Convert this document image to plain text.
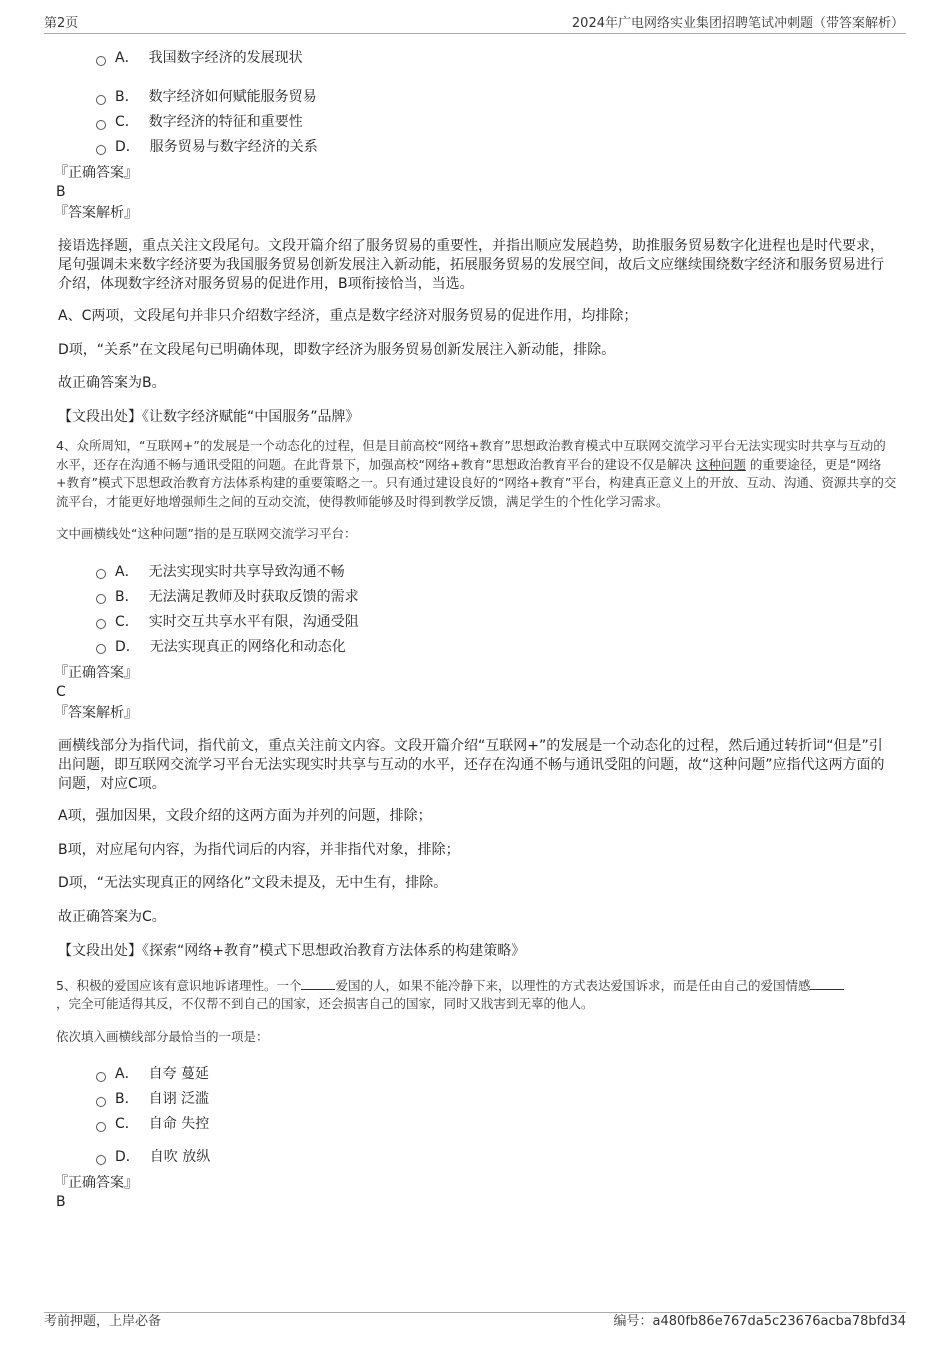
第2页	2024年广电网络实业集团招聘笔试冲刺题（带答案解析）
A． 我国数字经济的发展现状
B． 数字经济如何赋能服务贸易
C． 数字经济的特征和重要性
D． 服务贸易与数字经济的关系
『正确答案』
B
『答案解析』
接语选择题，重点关注文段尾句。文段开篇介绍了服务贸易的重要性，并指出顺应发展趋势，助推服务贸易数字化进程也是时代要求，尾句强调未来数字经济要为我国服务贸易创新发展注入新动能，拓展服务贸易的发展空间，故后文应继续围绕数字经济和服务贸易进行介绍，体现数字经济对服务贸易的促进作用，B项衔接恰当，当选。
A、C两项，文段尾句并非只介绍数字经济，重点是数字经济对服务贸易的促进作用，均排除；
D项，“关系”在文段尾句已明确体现，即数字经济为服务贸易创新发展注入新动能，排除。
故正确答案为B。
【文段出处】《让数字经济赋能“中国服务”品牌》
4、众所周知，“互联网+”的发展是一个动态化的过程，但是目前高校“网络+教育”思想政治教育模式中互联网交流学习平台无法实现实时共享与互动的水平，还存在沟通不畅与通讯受阻的问题。在此背景下，加强高校“网络+教育”思想政治教育平台的建设不仅是解决 这种问题 的重要途径，更是“网络+教育”模式下思想政治教育方法体系构建的重要策略之一。只有通过建设良好的“网络+教育”平台，构建真正意义上的开放、互动、沟通、资源共享的交流平台，才能更好地增强师生之间的互动交流，使得教师能够及时得到教学反馈，满足学生的个性化学习需求。
文中画横线处“这种问题”指的是互联网交流学习平台：
A． 无法实现实时共享导致沟通不畅
B． 无法满足教师及时获取反馈的需求
C． 实时交互共享水平有限，沟通受阻
D． 无法实现真正的网络化和动态化
『正确答案』
C
『答案解析』
画横线部分为指代词，指代前文，重点关注前文内容。文段开篇介绍“互联网+”的发展是一个动态化的过程，然后通过转折词“但是”引出问题，即互联网交流学习平台无法实现实时共享与互动的水平，还存在沟通不畅与通讯受阻的问题，故“这种问题”应指代这两方面的问题，对应C项。
A项，强加因果，文段介绍的这两方面为并列的问题，排除；
B项，对应尾句内容，为指代词后的内容，并非指代对象，排除；
D项，“无法实现真正的网络化”文段未提及，无中生有，排除。
故正确答案为C。
【文段出处】《探索“网络+教育”模式下思想政治教育方法体系的构建策略》
5、积极的爱国应该有意识地诉诸理性。一个	爱国的人，如果不能冷静下来，以理性的方式表达爱国诉求，而是任由自己的爱国情感，完全可能适得其反，不仅帮不到自己的国家，还会损害自己的国家，同时又戕害到无辜的他人。
依次填入画横线部分最恰当的一项是：
A． 自夸 蔓延
B． 自诩 泛滥
C． 自命 失控
D． 自吹 放纵
『正确答案』
B
考前押题，上岸必备	编号：a480fb86e767da5c23676acba78bfd34
